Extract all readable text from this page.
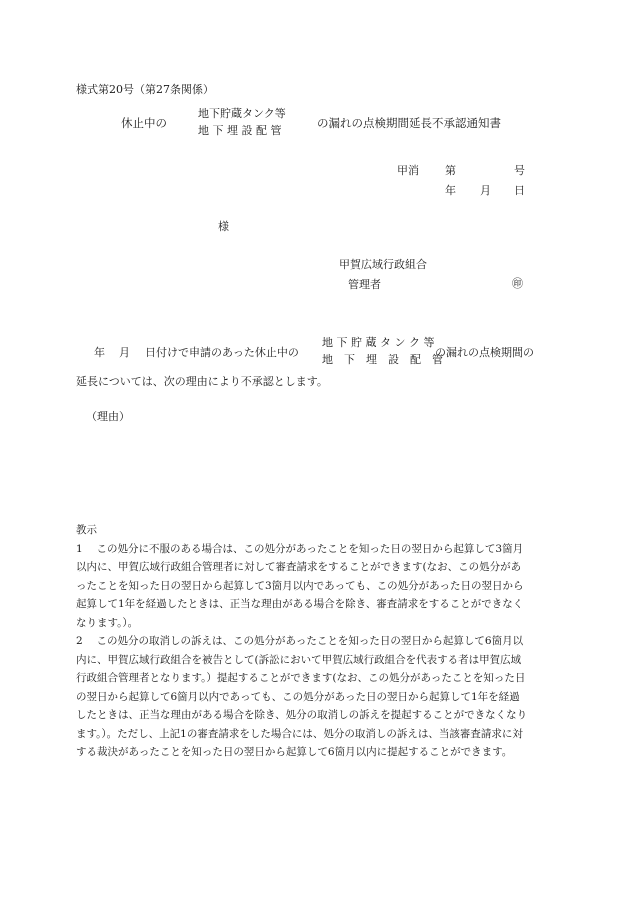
様式第20号（第27条関係）
休止中の
地下貯蔵タンク等
地 下 埋 設 配 管
の漏れの点検期間延長不承認通知書
甲消 第	号
年 月 日
様
甲賀広域行政組合
管理者	㊞
年 月 日付けで申請のあった休止中の
地 下 貯 蔵 タ ン ク 等
地　下　埋　設　配　管
の漏れの点検期間の
延長については、次の理由により不承認とします。
（理由）

教示

1　 この処分に不服のある場合は、この処分があったことを知った日の翌日から起算して3箇月以内に、甲賀広域行政組合管理者に対して審査請求をすることができます(なお、この処分があったことを知った日の翌日から起算して3箇月以内であっても、この処分があった日の翌日から起算して1年を経過したときは、正当な理由がある場合を除き、審査請求をすることができなくなります。）。

2　 この処分の取消しの訴えは、この処分があったことを知った日の翌日から起算して6箇月以内に、甲賀広域行政組合を被告として(訴訟において甲賀広域行政組合を代表する者は甲賀広域行政組合管理者となります。）提起することができます(なお、この処分があったことを知った日の翌日から起算して6箇月以内であっても、この処分があった日の翌日から起算して1年を経過したときは、正当な理由がある場合を除き、処分の取消しの訴えを提起することができなくなります。）。ただし、上記1の審査請求をした場合には、処分の取消しの訴えは、当該審査請求に対する裁決があったことを知った日の翌日から起算して6箇月以内に提起することができます。
